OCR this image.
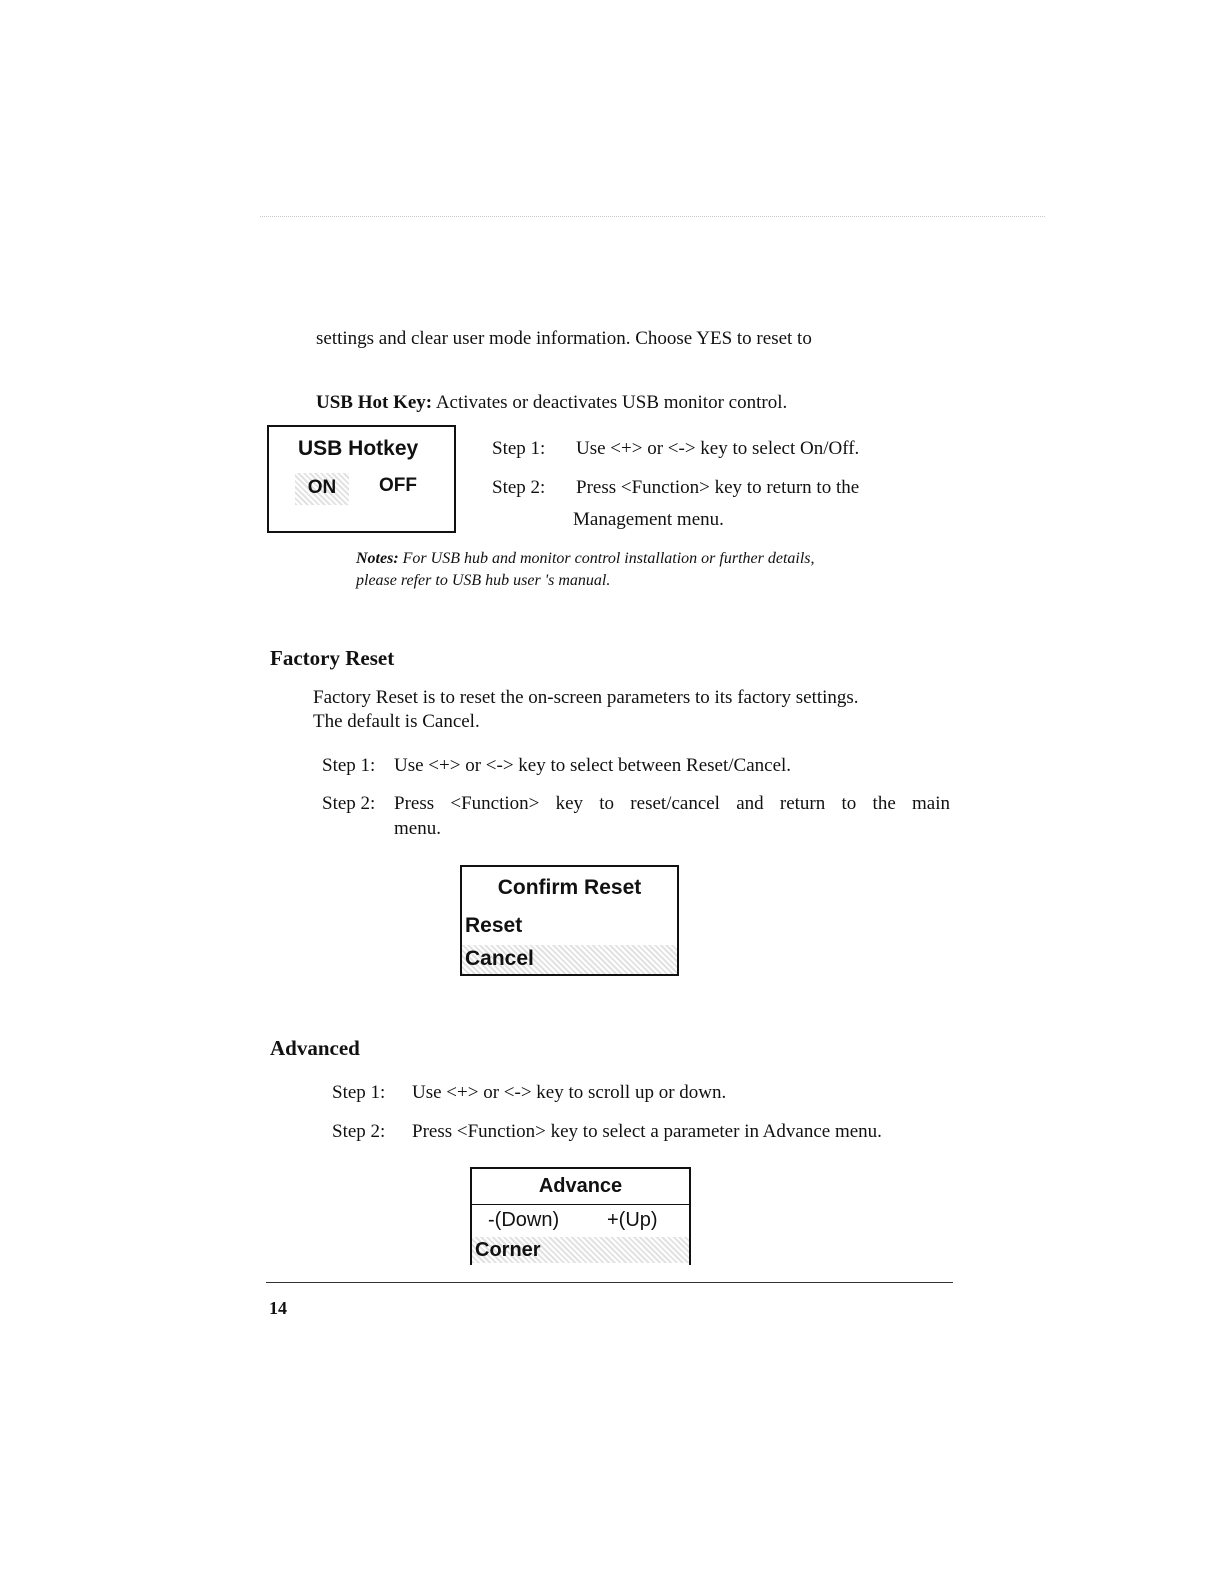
settings and clear user mode information. Choose YES to reset to
USB Hot Key: Activates or deactivates USB monitor control.
USB Hotkey
ON	OFF
Step 1: Use <+> or <-> key to select On/Off.
Step 2: Press <Function> key to return to the
Management menu.
Notes: For USB hub and monitor control installation or further details,
please refer to USB hub user 's manual.
Factory Reset
Factory Reset is to reset the on-screen parameters to its factory settings.
The default is Cancel.
Step 1: Use <+> or <-> key to select between Reset/Cancel.
Step 2: Press <Function> key to reset/cancel and return to the main
menu.
Confirm Reset
Reset
Cancel
Advanced
Step 1: Use <+> or <-> key to scroll up or down.
Step 2: Press <Function> key to select a parameter in Advance menu.
Advance
-(Down) +(Up)
Corner
14
